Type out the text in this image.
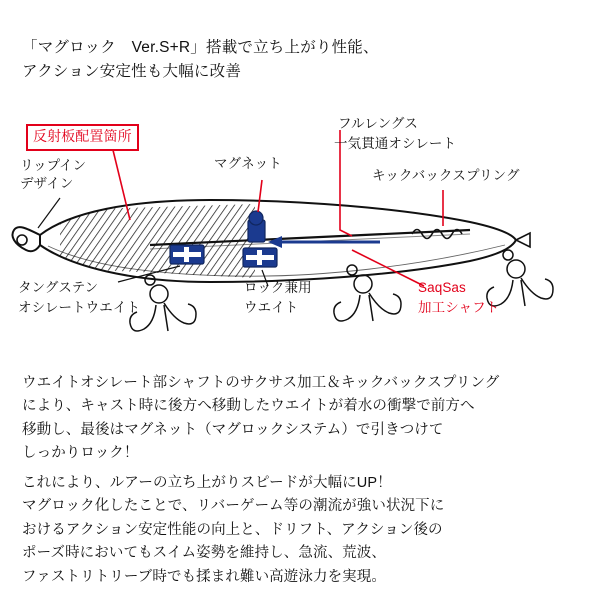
「マグロック　Ver.S+R」搭載で立ち上がり性能、
アクション安定性も大幅に改善
反射板配置箇所
リップイン
デザイン
マグネット
フルレングス
一気貫通オシレート
キックバックスプリング
タングステン
オシレートウエイト
ロック兼用
ウエイト
SaqSas
加工シャフト
ウエイトオシレート部シャフトのサクサス加工＆キックバックスプリング
により、キャスト時に後方へ移動したウエイトが着水の衝撃で前方へ
移動し、最後はマグネット（マグロックシステム）で引きつけて
しっかりロック！
これにより、ルアーの立ち上がりスピードが大幅にUP！
マグロック化したことで、リバーゲーム等の潮流が強い状況下に
おけるアクション安定性能の向上と、ドリフト、アクション後の
ポーズ時においてもスイム姿勢を維持し、急流、荒波、
ファストリトリーブ時でも揉まれ難い高遊泳力を実現。
